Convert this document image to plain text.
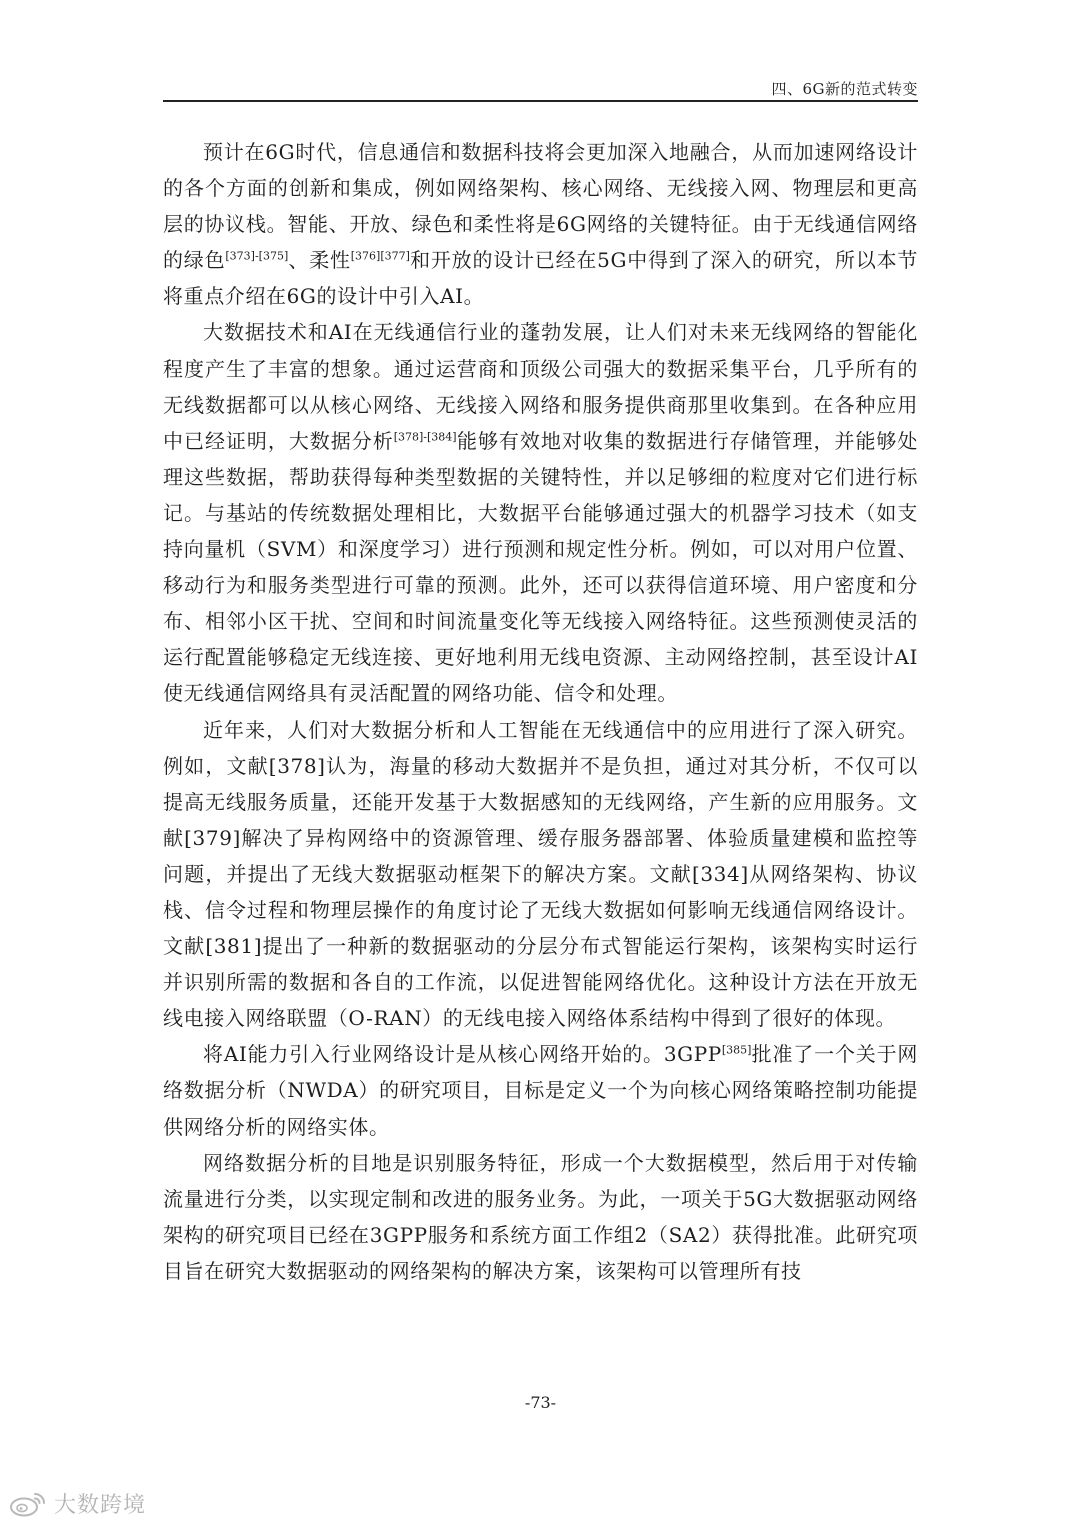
四、6G新的范式转变

预计在6G时代，信息通信和数据科技将会更加深入地融合，从而加速网络设计的各个方面的创新和集成，例如网络架构、核心网络、无线接入网、物理层和更高层的协议栈。智能、开放、绿色和柔性将是6G网络的关键特征。由于无线通信网络的绿色[373]-[375]、柔性[376][377]和开放的设计已经在5G中得到了深入的研究，所以本节将重点介绍在6G的设计中引入AI。

大数据技术和AI在无线通信行业的蓬勃发展，让人们对未来无线网络的智能化程度产生了丰富的想象。通过运营商和顶级公司强大的数据采集平台，几乎所有的无线数据都可以从核心网络、无线接入网络和服务提供商那里收集到。在各种应用中已经证明，大数据分析[378]-[384]能够有效地对收集的数据进行存储管理，并能够处理这些数据，帮助获得每种类型数据的关键特性，并以足够细的粒度对它们进行标记。与基站的传统数据处理相比，大数据平台能够通过强大的机器学习技术（如支持向量机（SVM）和深度学习）进行预测和规定性分析。例如，可以对用户位置、移动行为和服务类型进行可靠的预测。此外，还可以获得信道环境、用户密度和分布、相邻小区干扰、空间和时间流量变化等无线接入网络特征。这些预测使灵活的运行配置能够稳定无线连接、更好地利用无线电资源、主动网络控制，甚至设计AI使无线通信网络具有灵活配置的网络功能、信令和处理。

近年来，人们对大数据分析和人工智能在无线通信中的应用进行了深入研究。例如，文献[378]认为，海量的移动大数据并不是负担，通过对其分析，不仅可以提高无线服务质量，还能开发基于大数据感知的无线网络，产生新的应用服务。文献[379]解决了异构网络中的资源管理、缓存服务器部署、体验质量建模和监控等问题，并提出了无线大数据驱动框架下的解决方案。文献[334]从网络架构、协议栈、信令过程和物理层操作的角度讨论了无线大数据如何影响无线通信网络设计。文献[381]提出了一种新的数据驱动的分层分布式智能运行架构，该架构实时运行并识别所需的数据和各自的工作流，以促进智能网络优化。这种设计方法在开放无线电接入网络联盟（O-RAN）的无线电接入网络体系结构中得到了很好的体现。

将AI能力引入行业网络设计是从核心网络开始的。3GPP[385]批准了一个关于网络数据分析（NWDA）的研究项目，目标是定义一个为向核心网络策略控制功能提供网络分析的网络实体。

网络数据分析的目地是识别服务特征，形成一个大数据模型，然后用于对传输流量进行分类，以实现定制和改进的服务业务。为此，一项关于5G大数据驱动网络架构的研究项目已经在3GPP服务和系统方面工作组2（SA2）获得批准。此研究项目旨在研究大数据驱动的网络架构的解决方案，该架构可以管理所有技

-73-
大数跨境
